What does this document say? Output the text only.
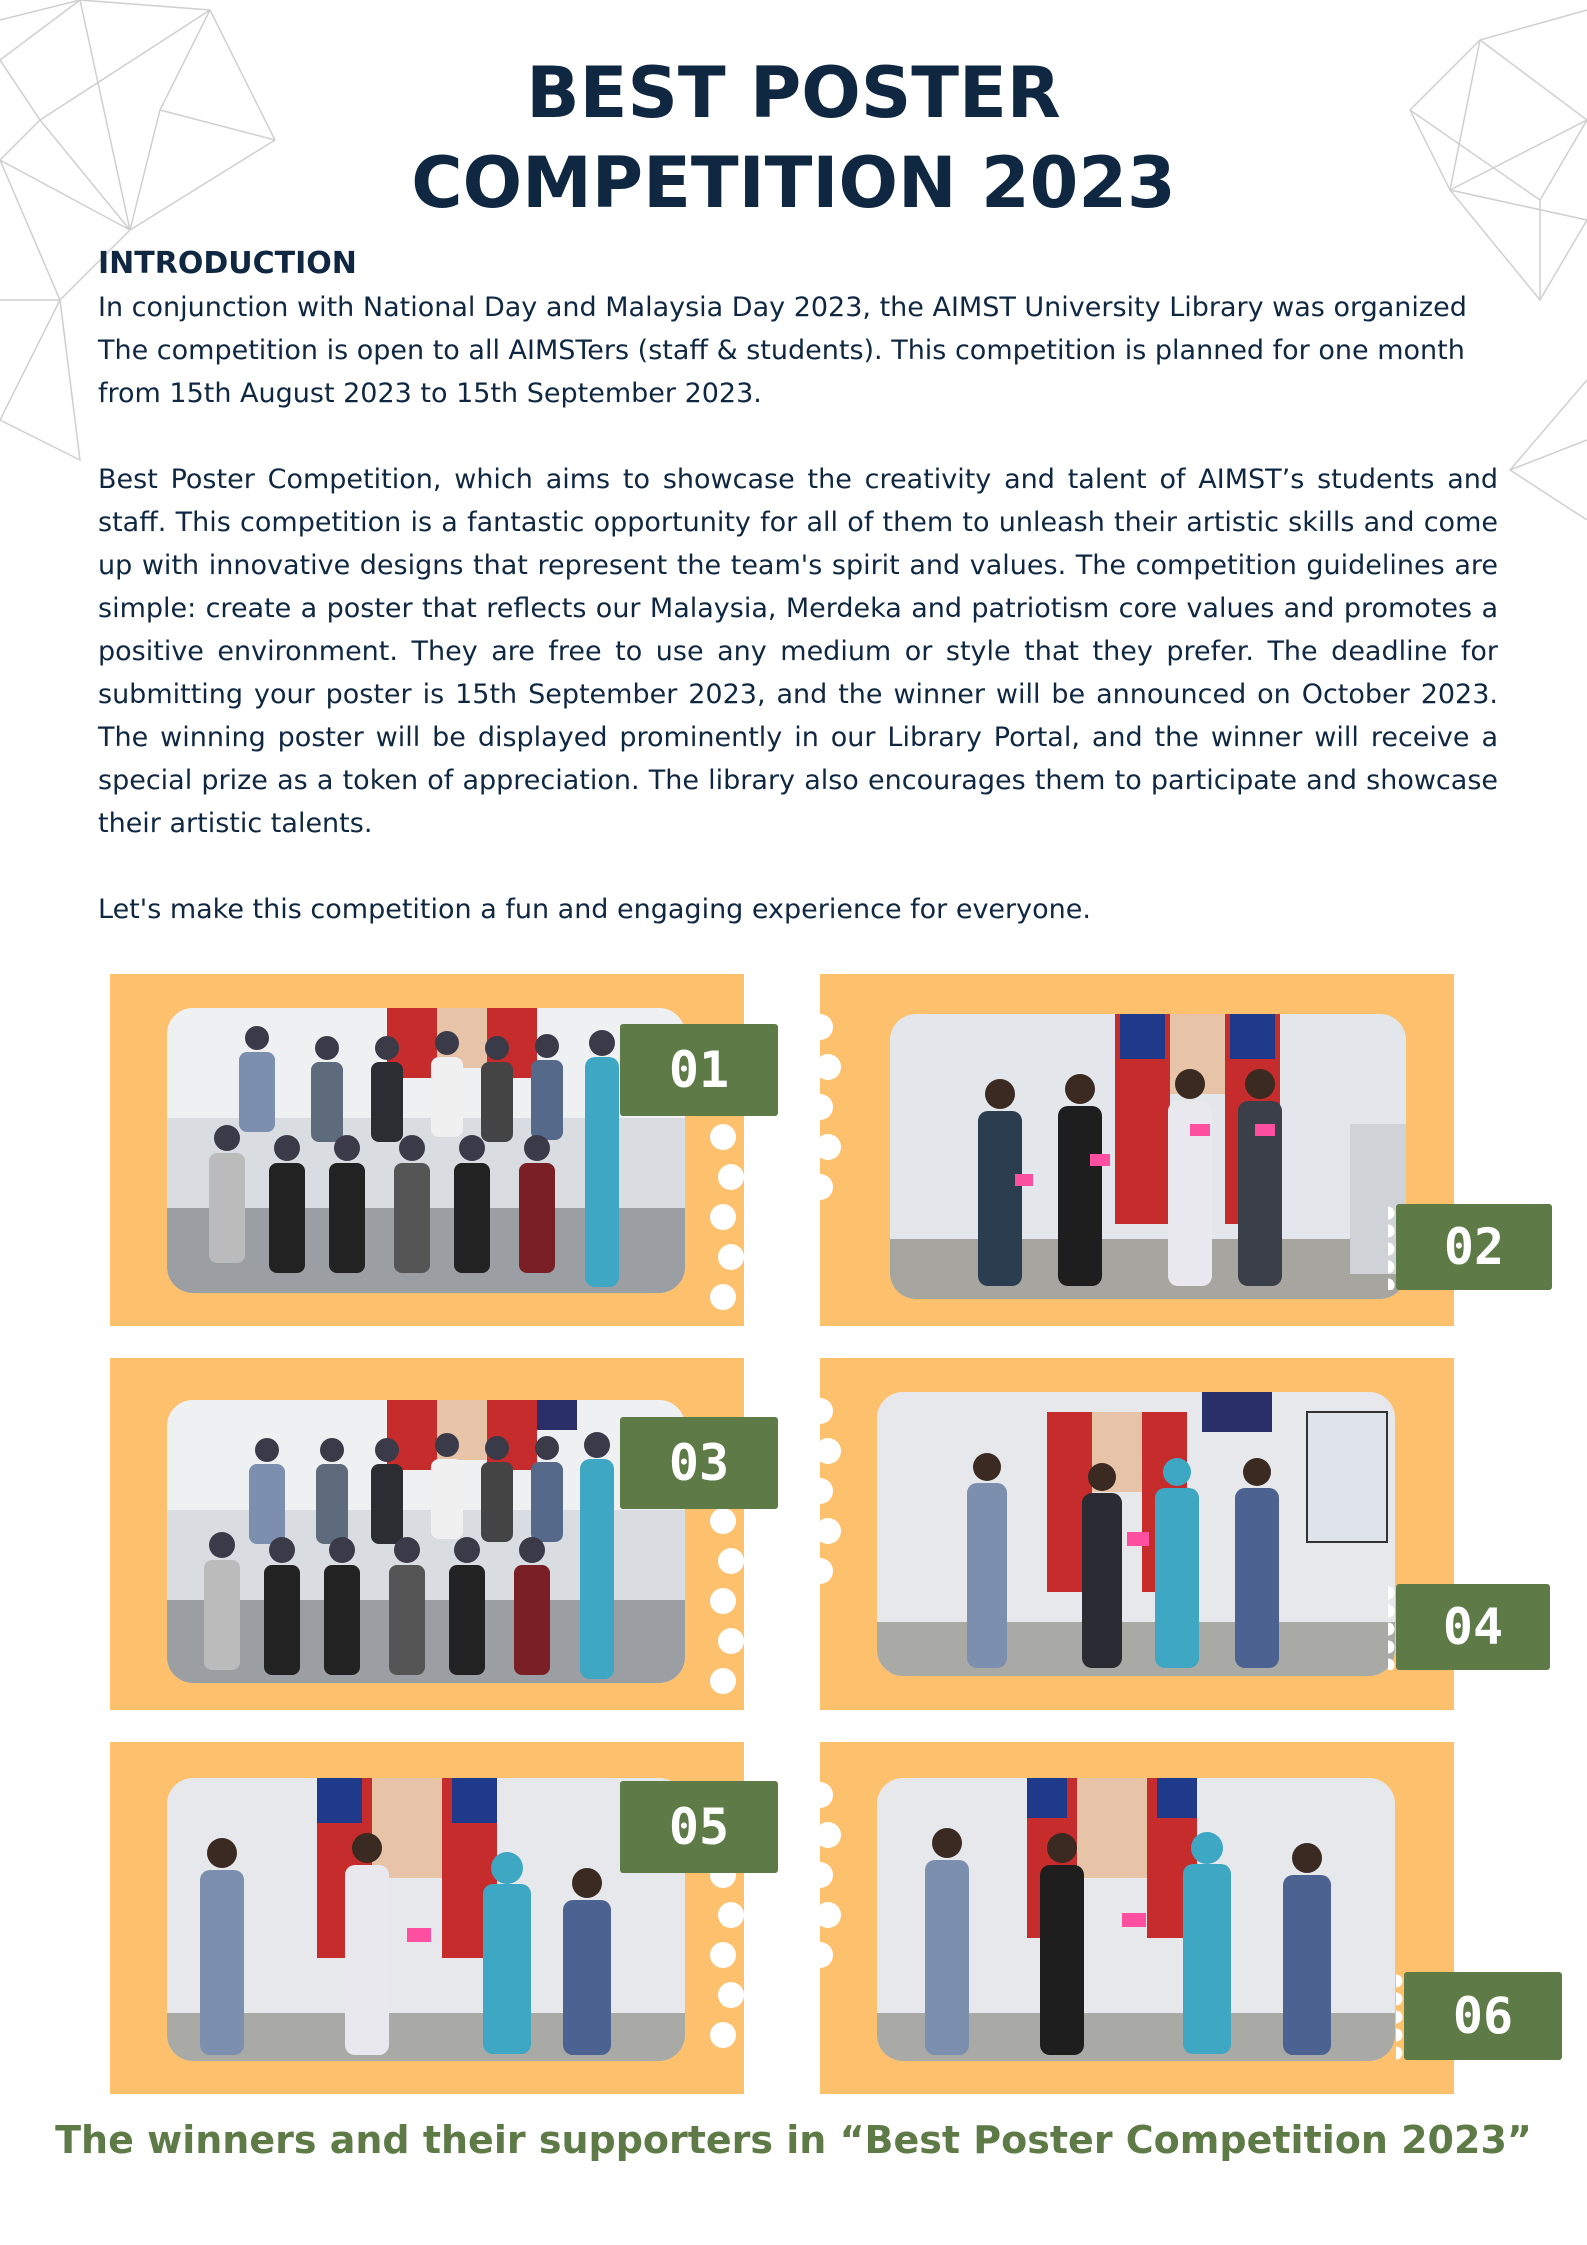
BEST POSTER
COMPETITION 2023
INTRODUCTION

In conjunction with National Day and Malaysia Day 2023, the AIMST University Library was organized The competition is open to all AIMSTers (staff & students). This competition is planned for one month from 15th August 2023 to 15th September 2023.

Best Poster Competition, which aims to showcase the creativity and talent of AIMST’s students and staff. This competition is a fantastic opportunity for all of them to unleash their artistic skills and come up with innovative designs that represent the team's spirit and values. The competition guidelines are simple: create a poster that reflects our Malaysia, Merdeka and patriotism core values and promotes a positive environment. They are free to use any medium or style that they prefer. The deadline for submitting your poster is 15th September 2023, and the winner will be announced on October 2023. The winning poster will be displayed prominently in our Library Portal, and the winner will receive a special prize as a token of appreciation. The library also encourages them to participate and showcase their artistic talents.

Let's make this competition a fun and engaging experience for everyone.

01
02
03
04
05
06
The winners and their supporters in “Best Poster Competition 2023”
